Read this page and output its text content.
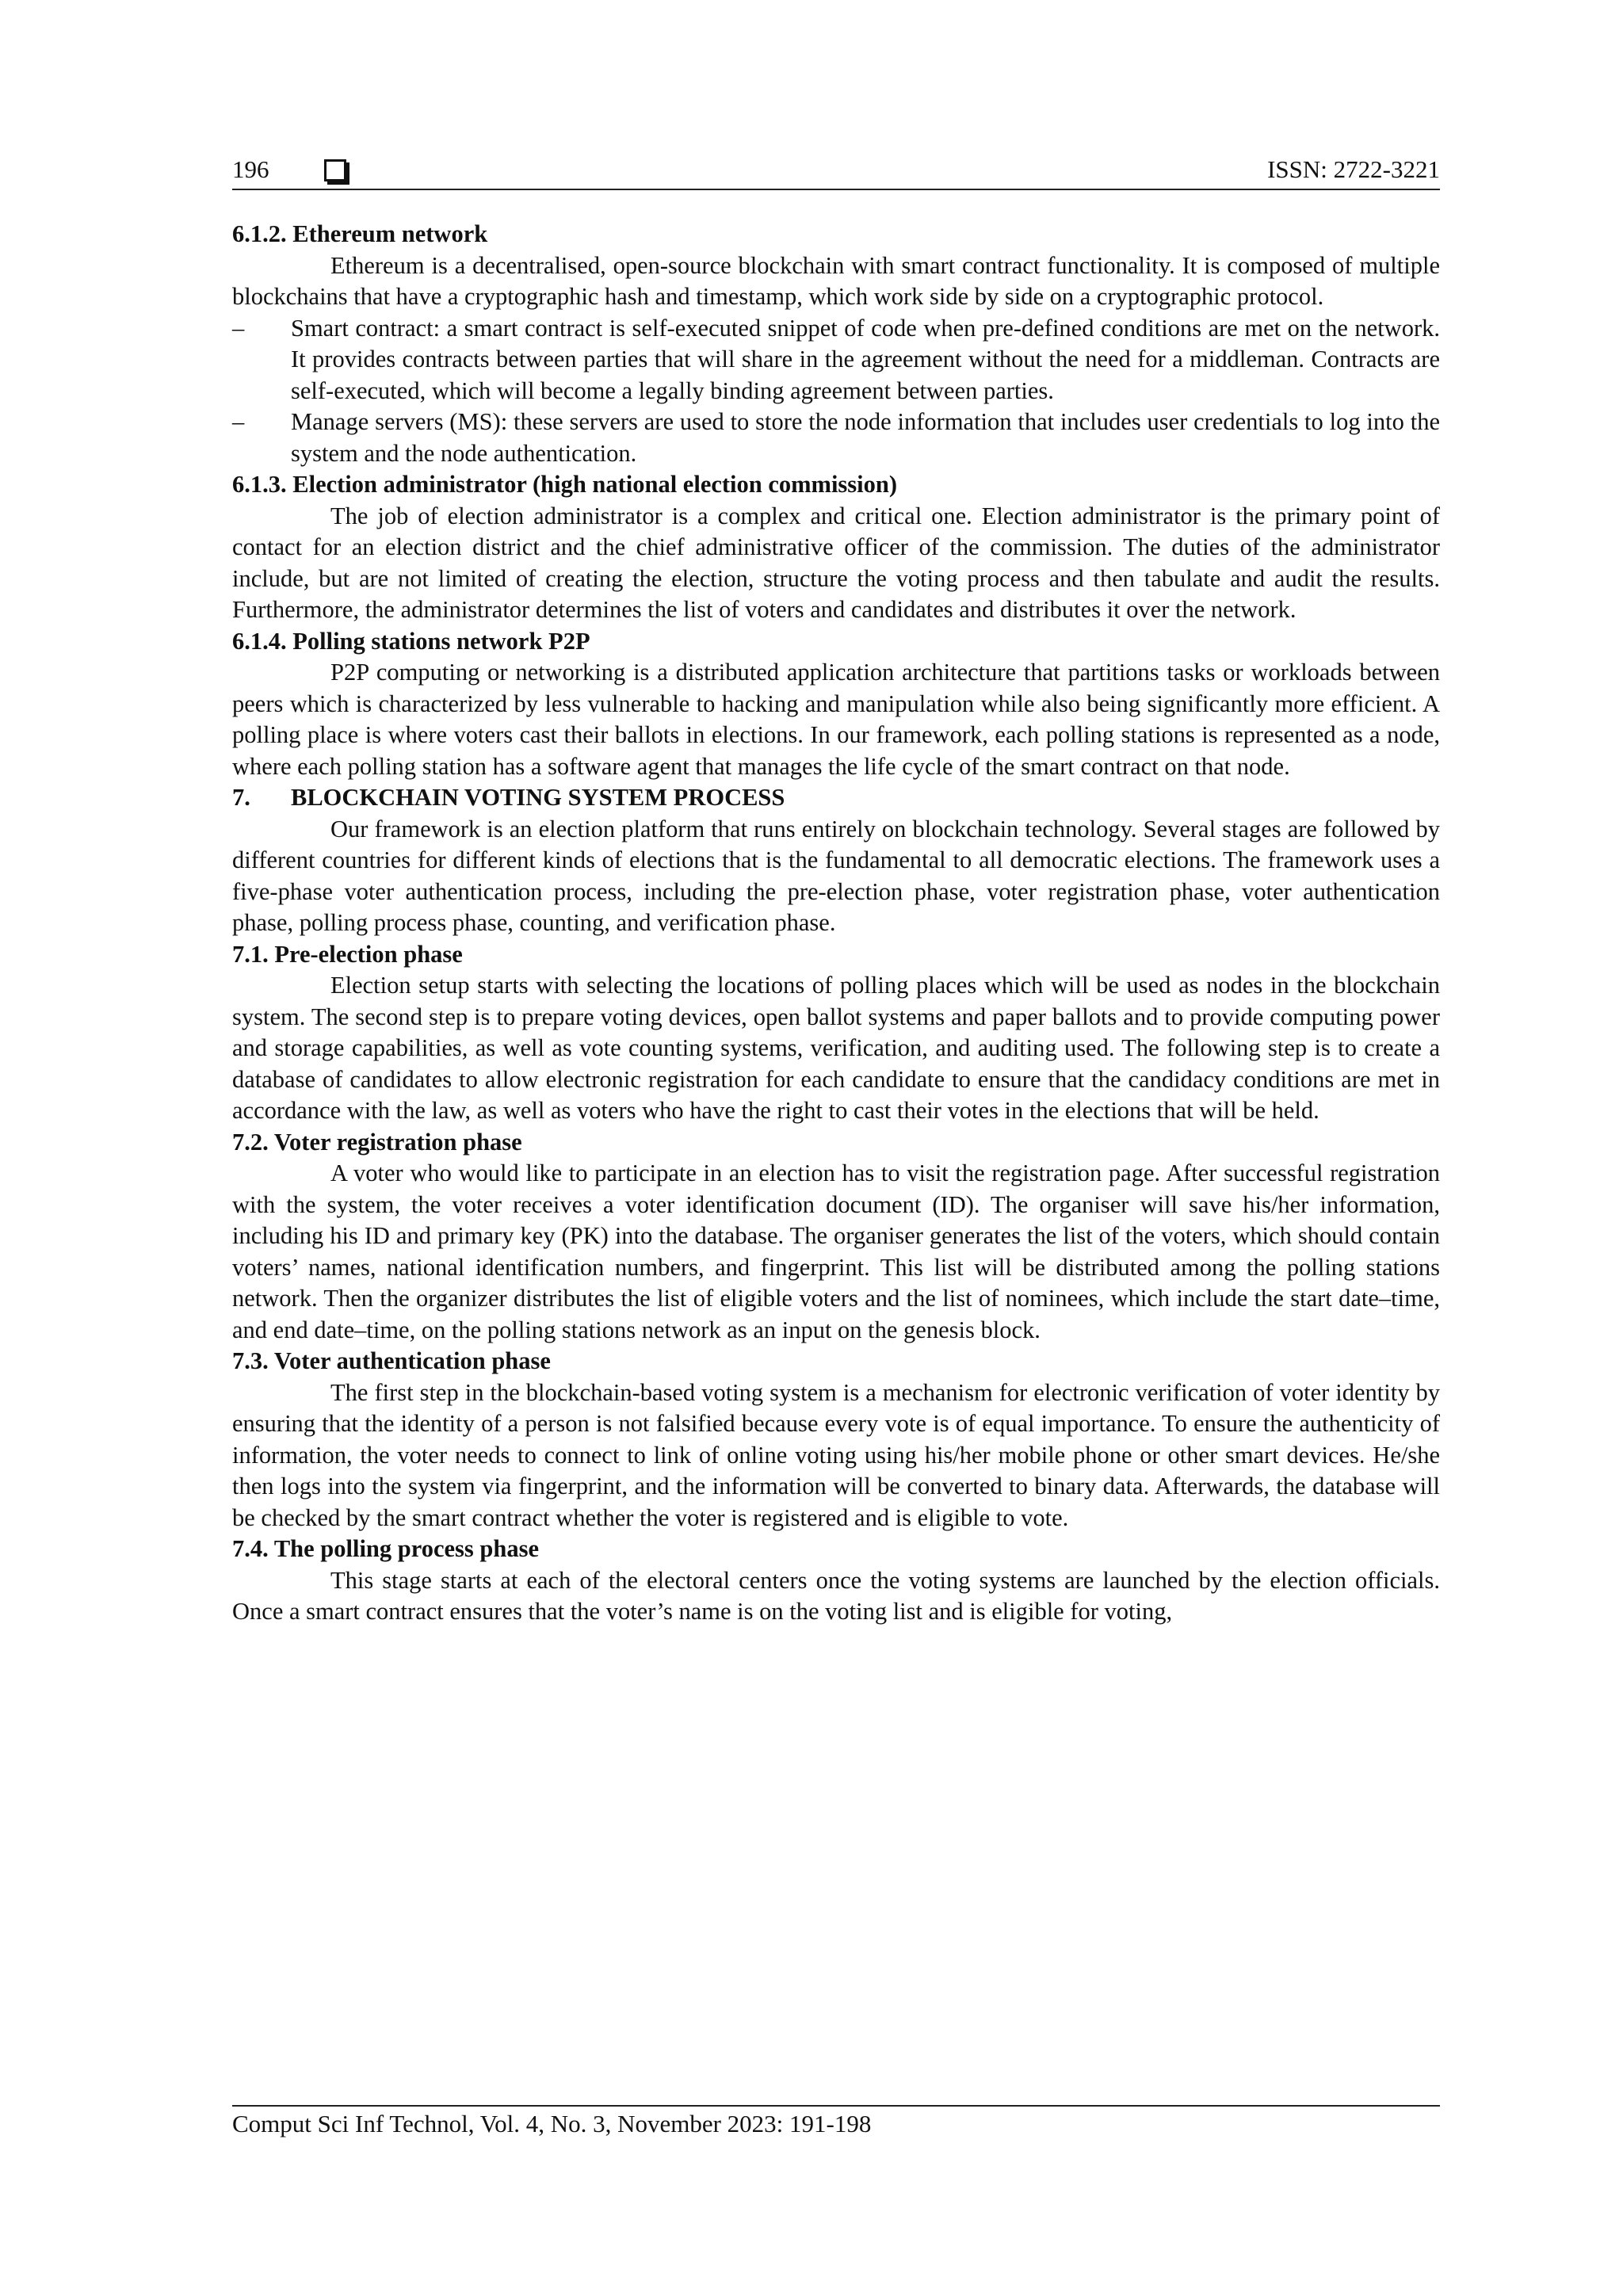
196	ISSN: 2722-3221

6.1.2. Ethereum network

Ethereum is a decentralised, open-source blockchain with smart contract functionality. It is composed of multiple blockchains that have a cryptographic hash and timestamp, which work side by side on a cryptographic protocol.

– Smart contract: a smart contract is self-executed snippet of code when pre-defined conditions are met on the network. It provides contracts between parties that will share in the agreement without the need for a middleman. Contracts are self-executed, which will become a legally binding agreement between parties.
– Manage servers (MS): these servers are used to store the node information that includes user credentials to log into the system and the node authentication.

6.1.3. Election administrator (high national election commission)

The job of election administrator is a complex and critical one. Election administrator is the primary point of contact for an election district and the chief administrative officer of the commission. The duties of the administrator include, but are not limited of creating the election, structure the voting process and then tabulate and audit the results. Furthermore, the administrator determines the list of voters and candidates and distributes it over the network.

6.1.4. Polling stations network P2P

P2P computing or networking is a distributed application architecture that partitions tasks or workloads between peers which is characterized by less vulnerable to hacking and manipulation while also being significantly more efficient. A polling place is where voters cast their ballots in elections. In our framework, each polling stations is represented as a node, where each polling station has a software agent that manages the life cycle of the smart contract on that node.

7. BLOCKCHAIN VOTING SYSTEM PROCESS

Our framework is an election platform that runs entirely on blockchain technology. Several stages are followed by different countries for different kinds of elections that is the fundamental to all democratic elections. The framework uses a five-phase voter authentication process, including the pre-election phase, voter registration phase, voter authentication phase, polling process phase, counting, and verification phase.

7.1. Pre-election phase

Election setup starts with selecting the locations of polling places which will be used as nodes in the blockchain system. The second step is to prepare voting devices, open ballot systems and paper ballots and to provide computing power and storage capabilities, as well as vote counting systems, verification, and auditing used. The following step is to create a database of candidates to allow electronic registration for each candidate to ensure that the candidacy conditions are met in accordance with the law, as well as voters who have the right to cast their votes in the elections that will be held.

7.2. Voter registration phase

A voter who would like to participate in an election has to visit the registration page. After successful registration with the system, the voter receives a voter identification document (ID). The organiser will save his/her information, including his ID and primary key (PK) into the database. The organiser generates the list of the voters, which should contain voters’ names, national identification numbers, and fingerprint. This list will be distributed among the polling stations network. Then the organizer distributes the list of eligible voters and the list of nominees, which include the start date–time, and end date–time, on the polling stations network as an input on the genesis block.

7.3. Voter authentication phase

The first step in the blockchain-based voting system is a mechanism for electronic verification of voter identity by ensuring that the identity of a person is not falsified because every vote is of equal importance. To ensure the authenticity of information, the voter needs to connect to link of online voting using his/her mobile phone or other smart devices. He/she then logs into the system via fingerprint, and the information will be converted to binary data. Afterwards, the database will be checked by the smart contract whether the voter is registered and is eligible to vote.

7.4. The polling process phase

This stage starts at each of the electoral centers once the voting systems are launched by the election officials. Once a smart contract ensures that the voter’s name is on the voting list and is eligible for voting,

Comput Sci Inf Technol, Vol. 4, No. 3, November 2023: 191-198
